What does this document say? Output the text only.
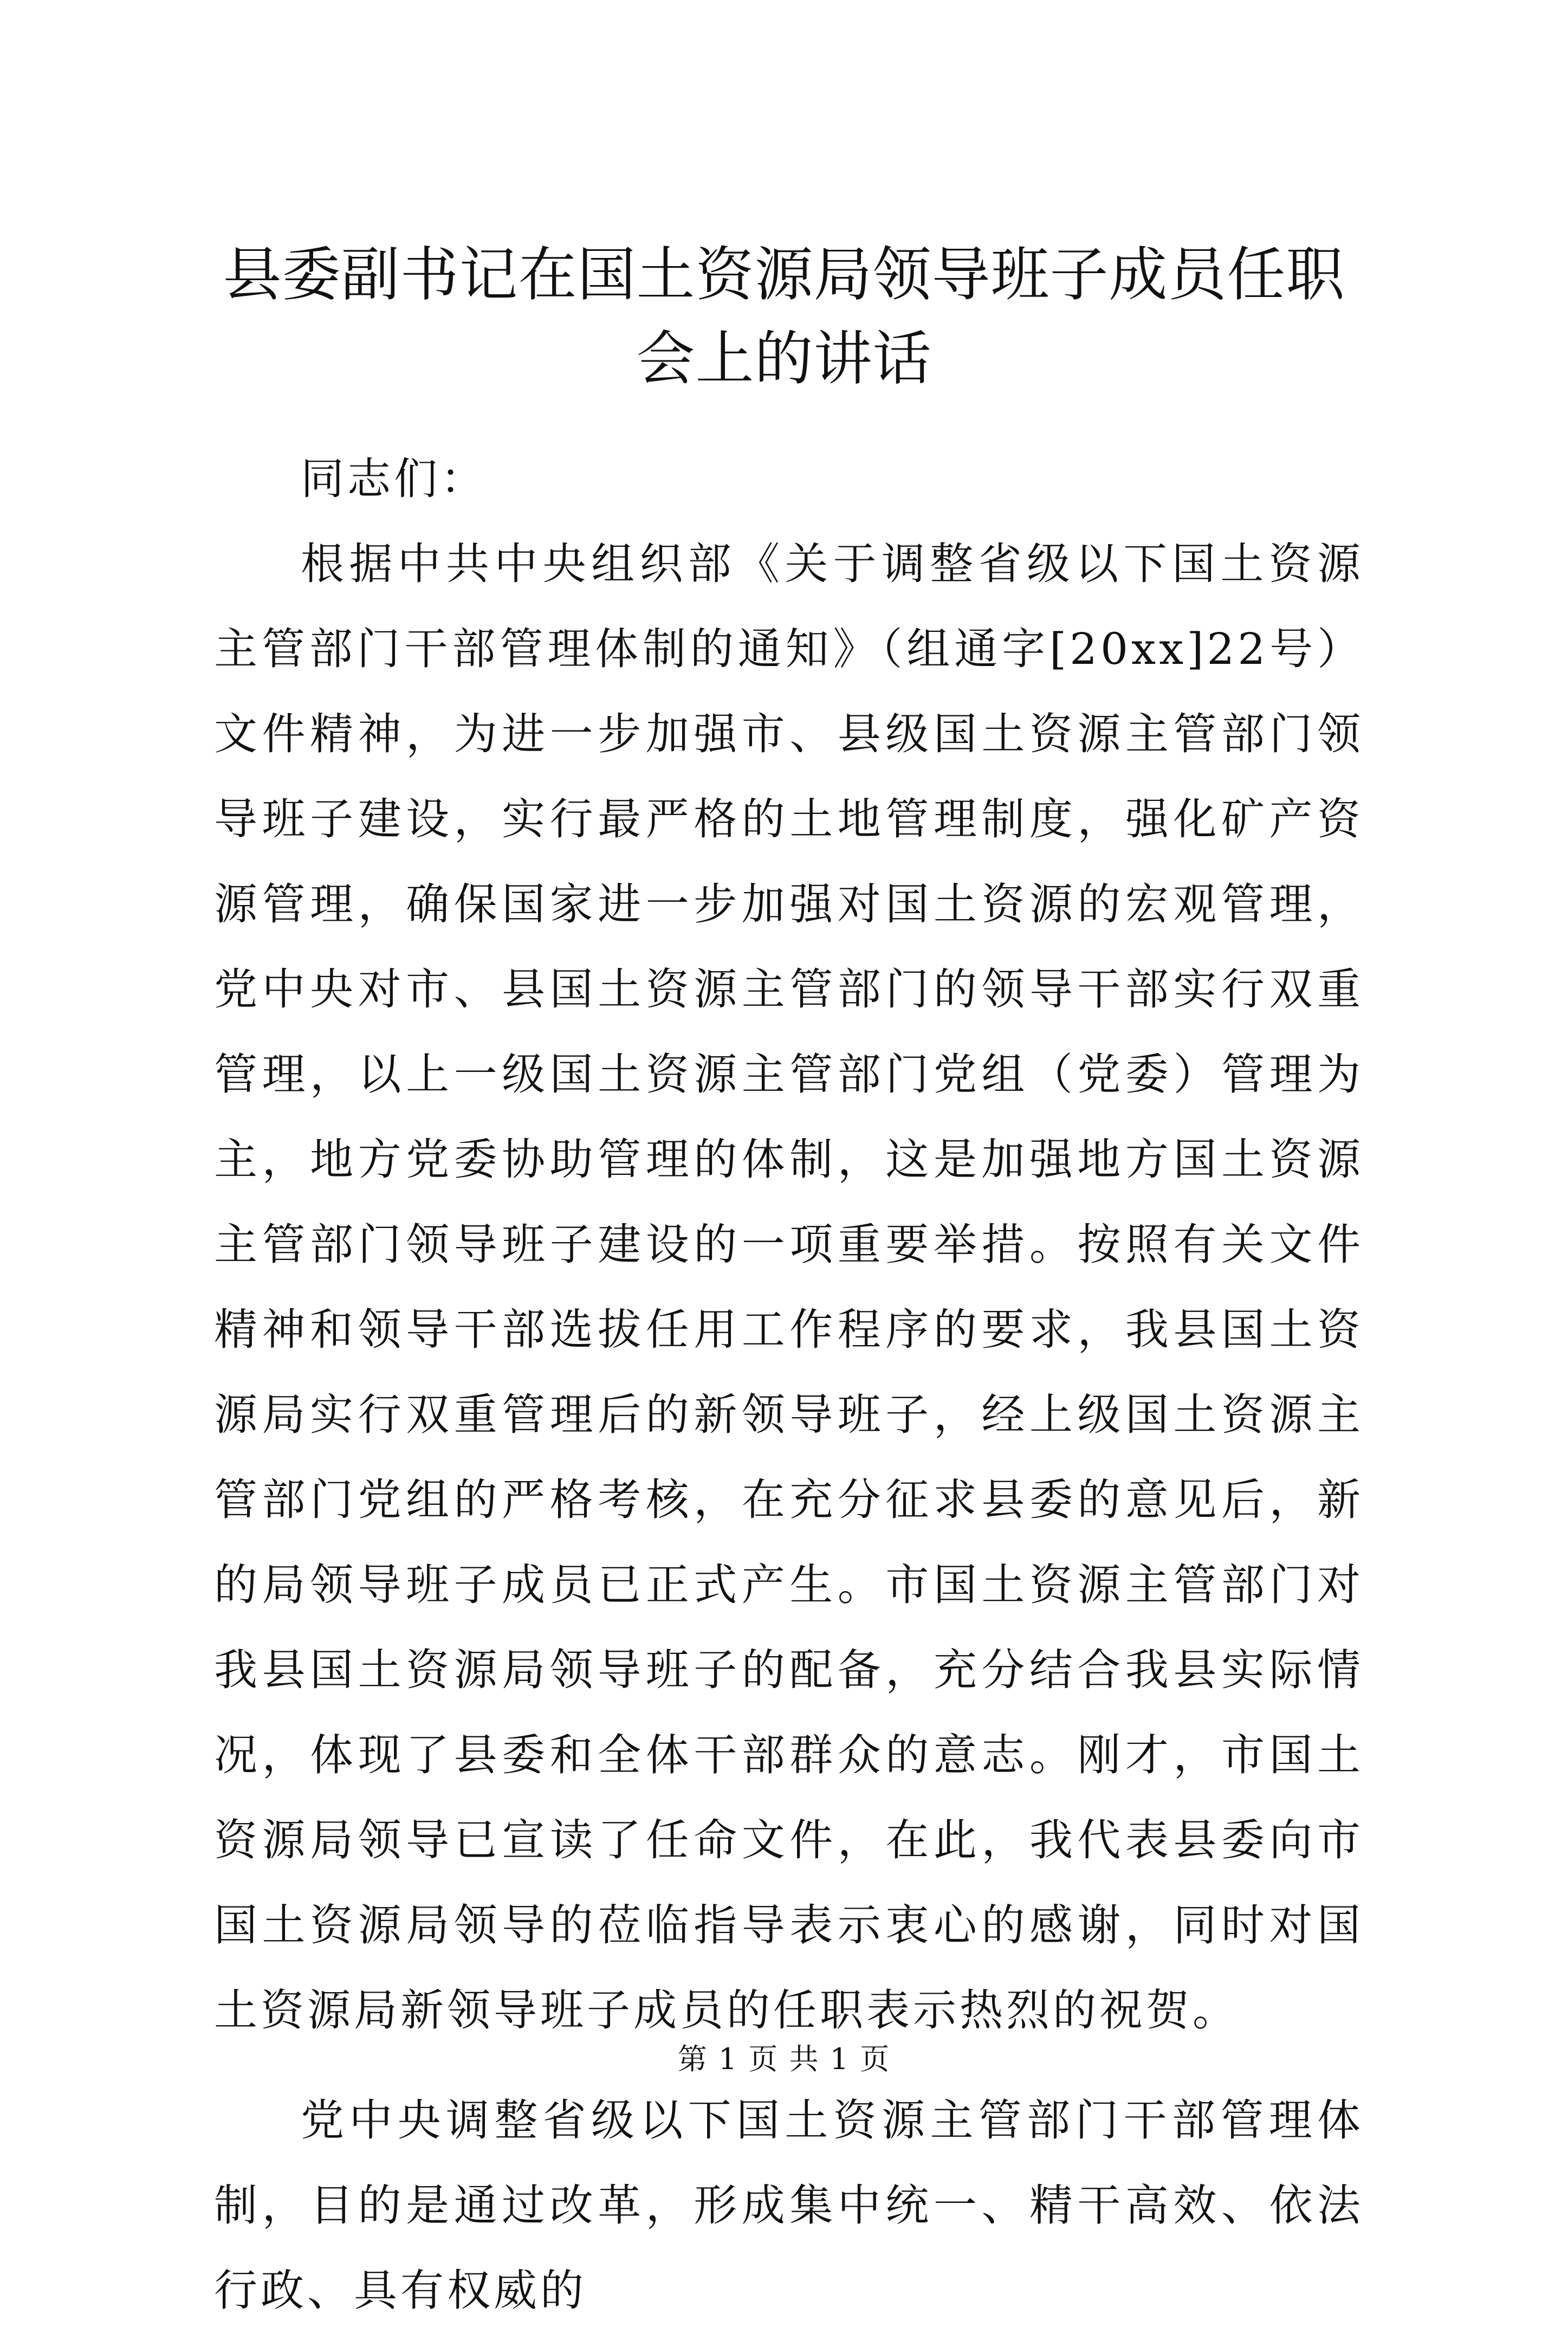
县委副书记在国土资源局领导班子成员任职会上的讲话

同志们：

根据中共中央组织部《关于调整省级以下国土资源主管部门干部管理体制的通知》（组通字[20xx]22号）文件精神，为进一步加强市、县级国土资源主管部门领导班子建设，实行最严格的土地管理制度，强化矿产资源管理，确保国家进一步加强对国土资源的宏观管理，党中央对市、县国土资源主管部门的领导干部实行双重管理，以上一级国土资源主管部门党组（党委）管理为主，地方党委协助管理的体制，这是加强地方国土资源主管部门领导班子建设的一项重要举措。按照有关文件精神和领导干部选拔任用工作程序的要求，我县国土资源局实行双重管理后的新领导班子，经上级国土资源主管部门党组的严格考核，在充分征求县委的意见后，新的局领导班子成员已正式产生。市国土资源主管部门对我县国土资源局领导班子的配备，充分结合我县实际情况，体现了县委和全体干部群众的意志。刚才，市国土资源局领导已宣读了任命文件，在此，我代表县委向市国土资源局领导的莅临指导表示衷心的感谢，同时对国土资源局新领导班子成员的任职表示热烈的祝贺。

党中央调整省级以下国土资源主管部门干部管理体制，目的是通过改革，形成集中统一、精干高效、依法行政、具有权威的

第 1 页 共 1 页
